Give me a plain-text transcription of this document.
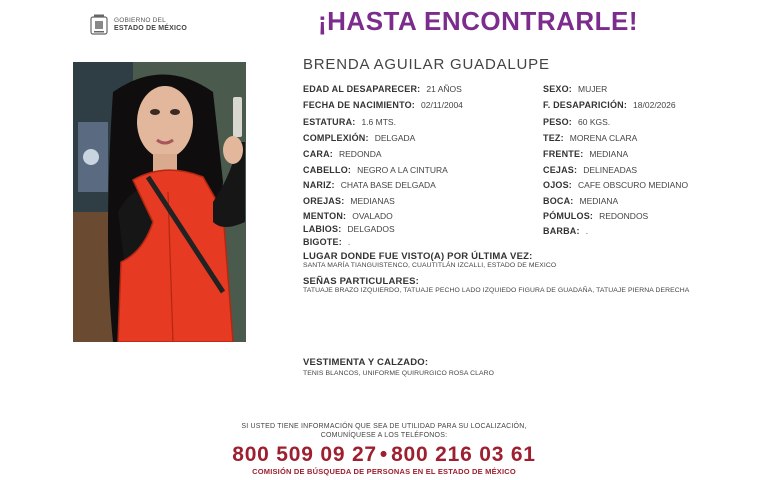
GOBIERNO DEL
ESTADO DE MÉXICO	¡HASTA ENCONTRARLE!
BRENDA AGUILAR GUADALUPE
EDAD AL DESAPARECER: 21 AÑOS
FECHA DE NACIMIENTO: 02/11/2004
ESTATURA: 1.6 MTS.
COMPLEXIÓN: DELGADA
CARA: REDONDA
CABELLO: NEGRO A LA CINTURA
NARIZ: CHATA BASE DELGADA
OREJAS: MEDIANAS
MENTON: OVALADO
LABIOS: DELGADOS
BIGOTE: .
SEXO: MUJER
F. DESAPARICIÓN: 18/02/2026
PESO: 60 KGS.
TEZ: MORENA CLARA
FRENTE: MEDIANA
CEJAS: DELINEADAS
OJOS: CAFE OBSCURO MEDIANO
BOCA: MEDIANA
PÓMULOS: REDONDOS
BARBA: .
LUGAR DONDE FUE VISTO(A) POR ÚLTIMA VEZ:
SANTA MARÍA TIANGUISTENCO, CUAUTITLÁN IZCALLI, ESTADO DE MEXICO
SEÑAS PARTICULARES:
TATUAJE BRAZO IZQUIERDO, TATUAJE PECHO LADO IZQUIEDO FIGURA DE GUADAÑA, TATUAJE PIERNA DERECHA
VESTIMENTA Y CALZADO:
TENIS BLANCOS, UNIFORME QUIRURGICO ROSA CLARO
SI USTED TIENE INFORMACIÓN QUE SEA DE UTILIDAD PARA SU LOCALIZACIÓN,
COMUNÍQUESE A LOS TELÉFONOS:
800 509 09 27 • 800 216 03 61
COMISIÓN DE BÚSQUEDA DE PERSONAS EN EL ESTADO DE MÉXICO
